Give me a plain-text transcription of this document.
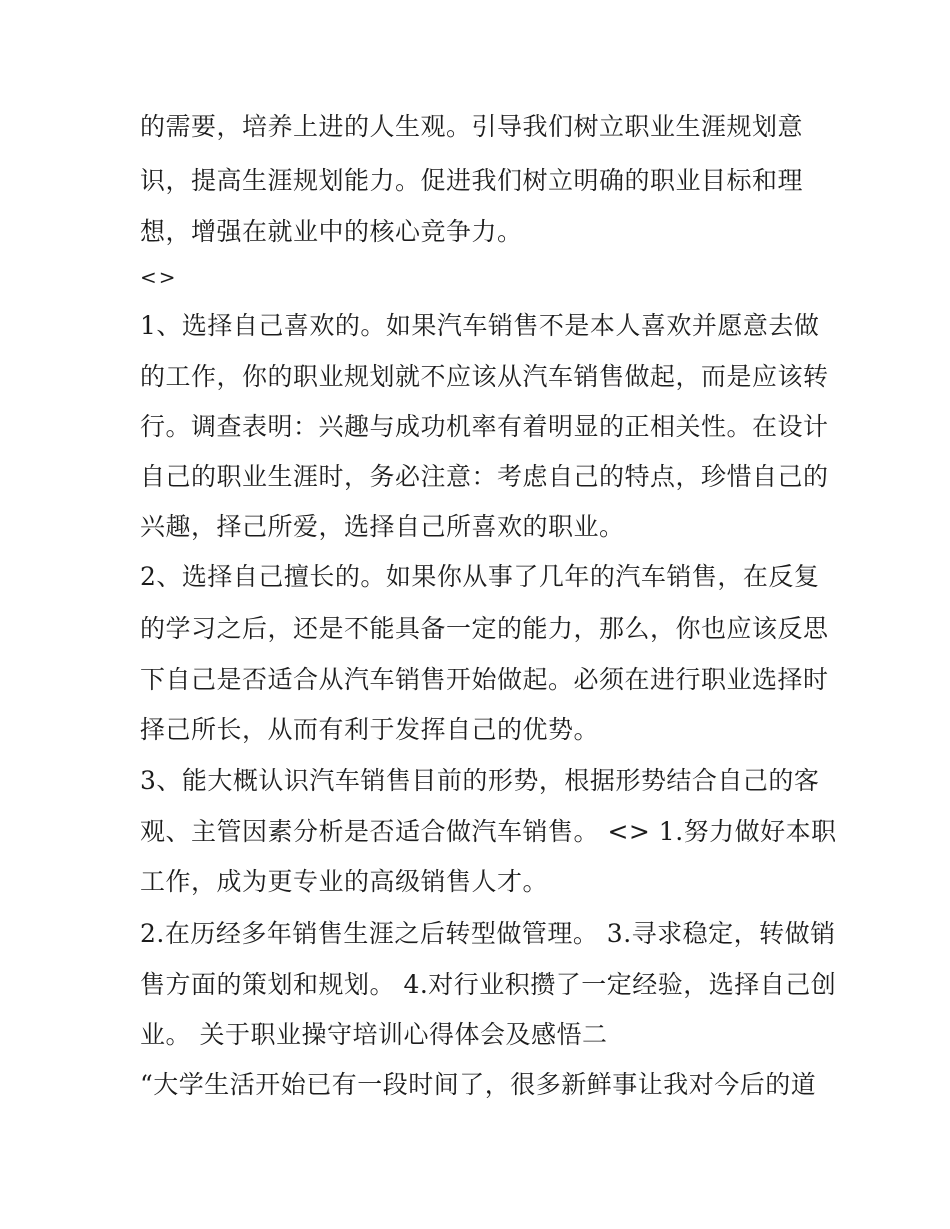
的需要，培养上进的人生观。引导我们树立职业生涯规划意
识，提高生涯规划能力。促进我们树立明确的职业目标和理
想，增强在就业中的核心竞争力。
<>
1、选择自己喜欢的。如果汽车销售不是本人喜欢并愿意去做
的工作，你的职业规划就不应该从汽车销售做起，而是应该转
行。调查表明：兴趣与成功机率有着明显的正相关性。在设计
自己的职业生涯时，务必注意：考虑自己的特点，珍惜自己的
兴趣，择己所爱，选择自己所喜欢的职业。
2、选择自己擅长的。如果你从事了几年的汽车销售，在反复
的学习之后，还是不能具备一定的能力，那么，你也应该反思
下自己是否适合从汽车销售开始做起。必须在进行职业选择时
择己所长，从而有利于发挥自己的优势。
3、能大概认识汽车销售目前的形势，根据形势结合自己的客
观、主管因素分析是否适合做汽车销售。 <> 1.努力做好本职
工作，成为更专业的高级销售人才。
2.在历经多年销售生涯之后转型做管理。 3.寻求稳定，转做销
售方面的策划和规划。 4.对行业积攒了一定经验，选择自己创
业。 关于职业操守培训心得体会及感悟二
“大学生活开始已有一段时间了，很多新鲜事让我对今后的道
